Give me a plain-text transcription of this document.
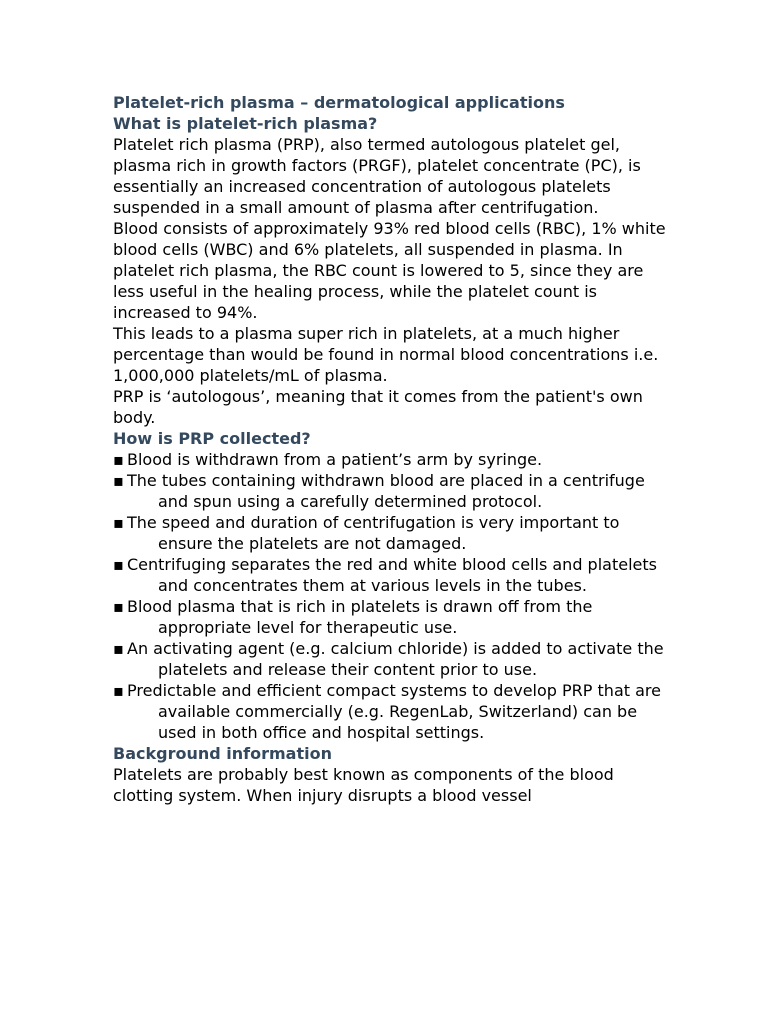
Platelet-rich plasma – dermatological applications

What is platelet-rich plasma?

Platelet rich plasma (PRP), also termed autologous platelet gel, plasma rich in growth factors (PRGF), platelet concentrate (PC), is essentially an increased concentration of autologous platelets suspended in a small amount of plasma after centrifugation.

Blood consists of approximately 93% red blood cells (RBC), 1% white blood cells (WBC) and 6% platelets, all suspended in plasma. In platelet rich plasma, the RBC count is lowered to 5, since they are less useful in the healing process, while the platelet count is increased to 94%.

This leads to a plasma super rich in platelets, at a much higher percentage than would be found in normal blood concentrations i.e. 1,000,000 platelets/mL of plasma.

PRP is ‘autologous’, meaning that it comes from the patient's own body.

How is PRP collected?

▪ Blood is withdrawn from a patient’s arm by syringe.
▪ The tubes containing withdrawn blood are placed in a centrifuge and spun using a carefully determined protocol.
▪ The speed and duration of centrifugation is very important to ensure the platelets are not damaged.
▪ Centrifuging separates the red and white blood cells and platelets and concentrates them at various levels in the tubes.
▪ Blood plasma that is rich in platelets is drawn off from the appropriate level for therapeutic use.
▪ An activating agent (e.g. calcium chloride) is added to activate the platelets and release their content prior to use.
▪ Predictable and efficient compact systems to develop PRP that are available commercially (e.g. RegenLab, Switzerland) can be used in both office and hospital settings.

Background information

Platelets are probably best known as components of the blood clotting system. When injury disrupts a blood vessel
